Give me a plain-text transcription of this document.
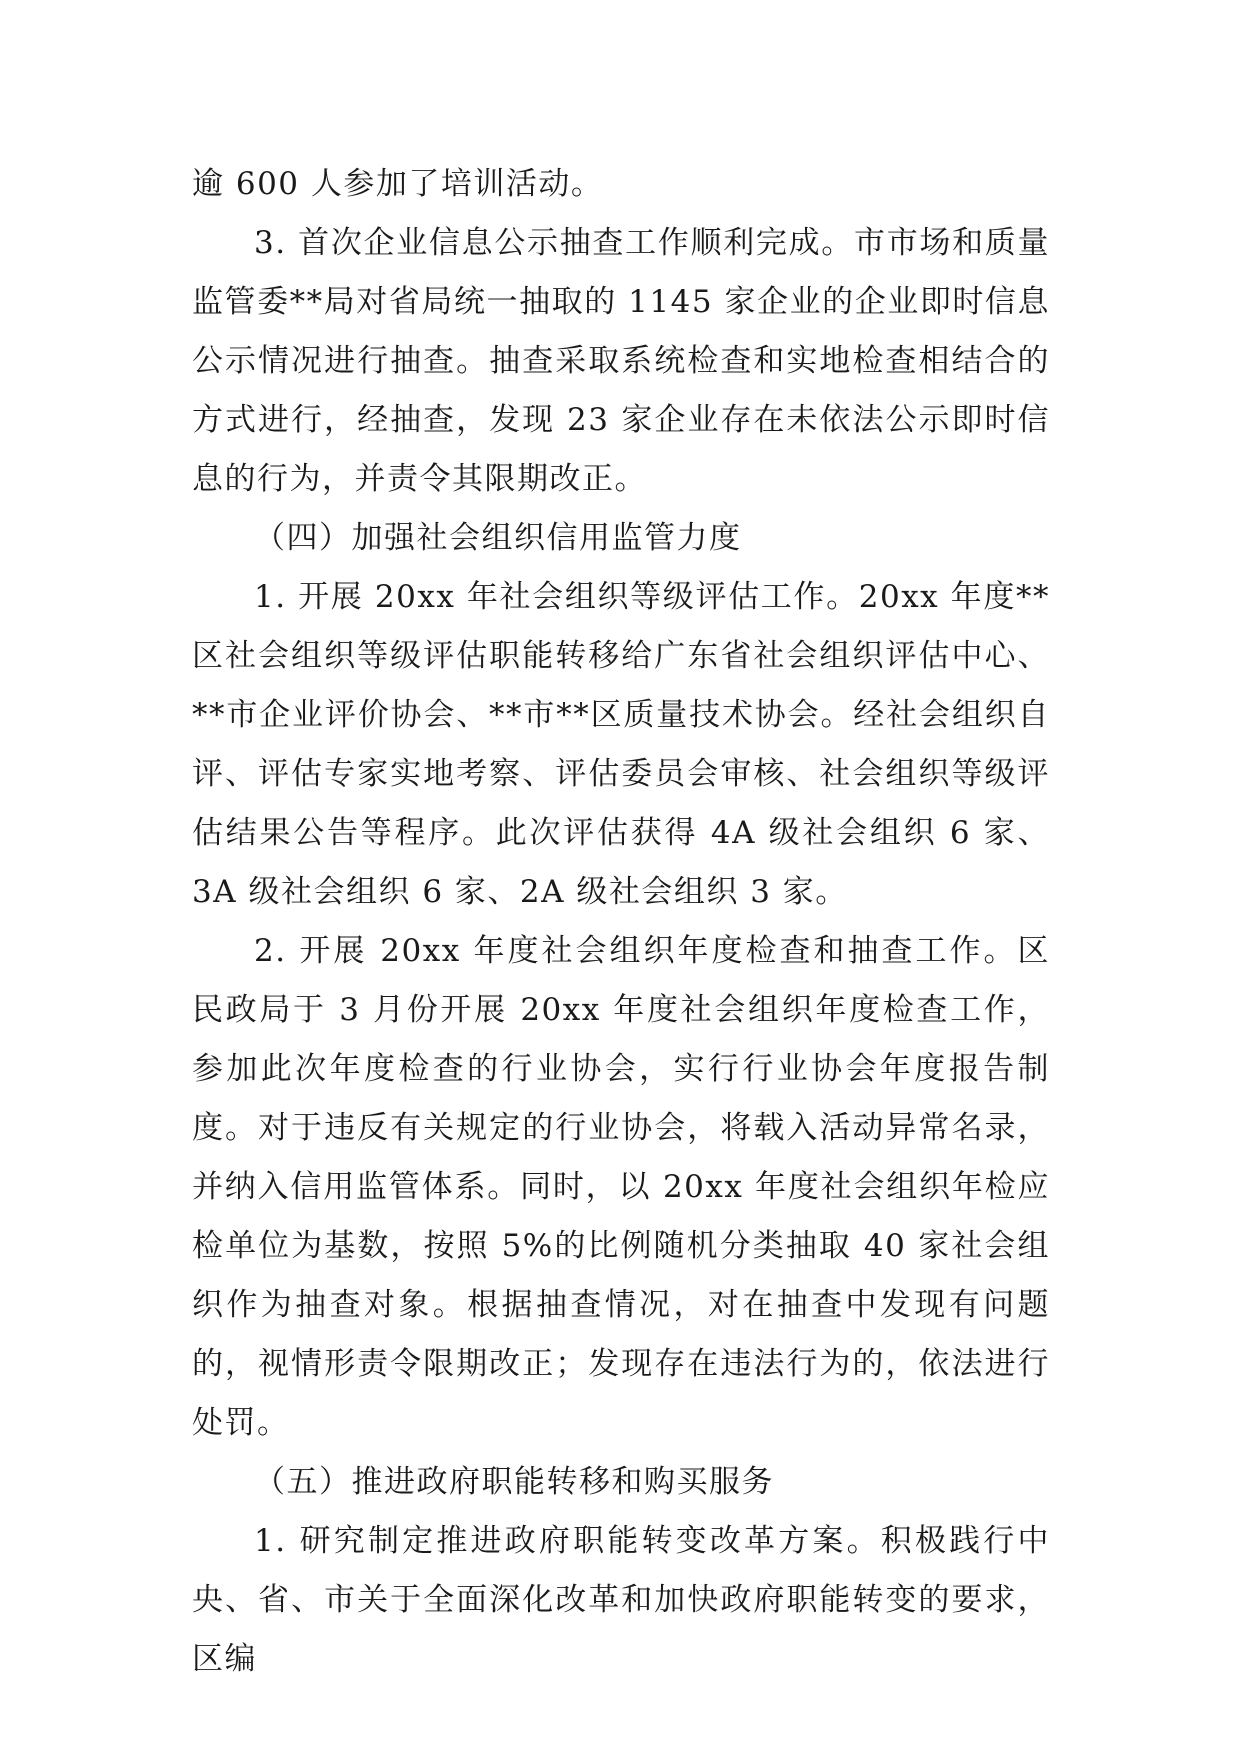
逾 600 人参加了培训活动。

3. 首次企业信息公示抽查工作顺利完成。市市场和质量监管委**局对省局统一抽取的 1145 家企业的企业即时信息公示情况进行抽查。抽查采取系统检查和实地检查相结合的方式进行，经抽查，发现 23 家企业存在未依法公示即时信息的行为，并责令其限期改正。

（四）加强社会组织信用监管力度

1. 开展 20xx 年社会组织等级评估工作。20xx 年度**区社会组织等级评估职能转移给广东省社会组织评估中心、**市企业评价协会、**市**区质量技术协会。经社会组织自评、评估专家实地考察、评估委员会审核、社会组织等级评估结果公告等程序。此次评估获得 4A 级社会组织 6 家、3A 级社会组织 6 家、2A 级社会组织 3 家。

2. 开展 20xx 年度社会组织年度检查和抽查工作。区民政局于 3 月份开展 20xx 年度社会组织年度检查工作，参加此次年度检查的行业协会，实行行业协会年度报告制度。对于违反有关规定的行业协会，将载入活动异常名录，并纳入信用监管体系。同时，以 20xx 年度社会组织年检应检单位为基数，按照 5%的比例随机分类抽取 40 家社会组织作为抽查对象。根据抽查情况，对在抽查中发现有问题的，视情形责令限期改正；发现存在违法行为的，依法进行处罚。

（五）推进政府职能转移和购买服务

1. 研究制定推进政府职能转变改革方案。积极践行中央、省、市关于全面深化改革和加快政府职能转变的要求，区编
